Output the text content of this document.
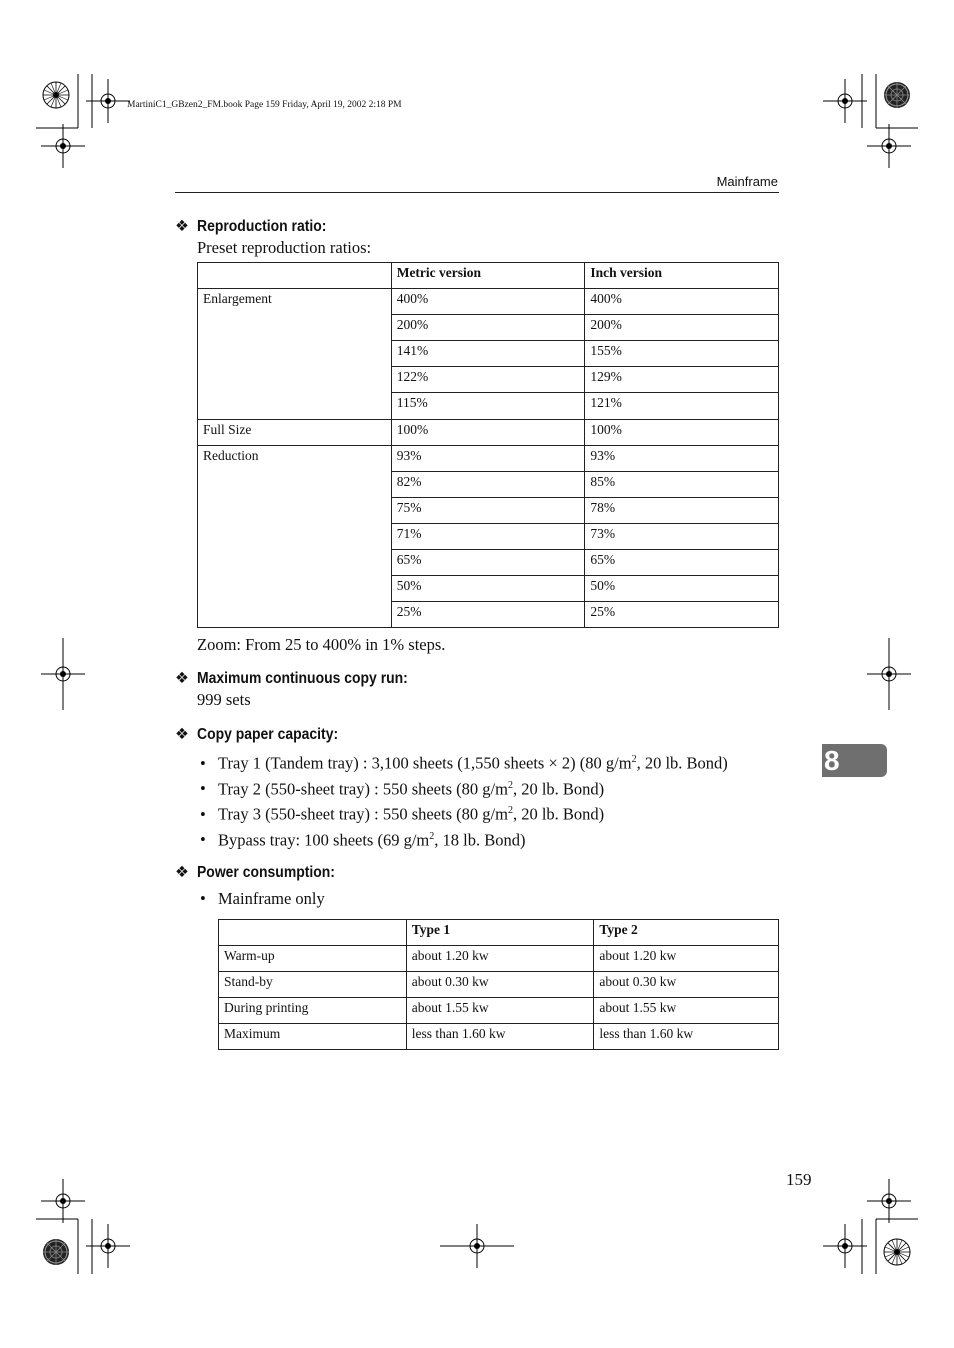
MartiniC1_GBzen2_FM.book Page 159 Friday, April 19, 2002 2:18 PM
Mainframe
❖ Reproduction ratio:
Preset reproduction ratios:
	Metric version	Inch version
Enlargement	400%	400%
	200%	200%
	141%	155%
	122%	129%
	115%	121%
Full Size	100%	100%
Reduction	93%	93%
	82%	85%
	75%	78%
	71%	73%
	65%	65%
	50%	50%
	25%	25%
Zoom: From 25 to 400% in 1% steps.
❖ Maximum continuous copy run:
999 sets
❖ Copy paper capacity:
• Tray 1 (Tandem tray) : 3,100 sheets (1,550 sheets × 2) (80 $g/m^2$, 20 lb. Bond)
• Tray 2 (550-sheet tray) : 550 sheets (80 $g/m^2$, 20 lb. Bond)
• Tray 3 (550-sheet tray) : 550 sheets (80 $g/m^2$, 20 lb. Bond)
• Bypass tray: 100 sheets (69 $g/m^2$, 18 lb. Bond)
❖ Power consumption:
• Mainframe only
	Type 1	Type 2
Warm-up	about 1.20 kw	about 1.20 kw
Stand-by	about 0.30 kw	about 0.30 kw
During printing	about 1.55 kw	about 1.55 kw
Maximum	less than 1.60 kw	less than 1.60 kw
8
159
